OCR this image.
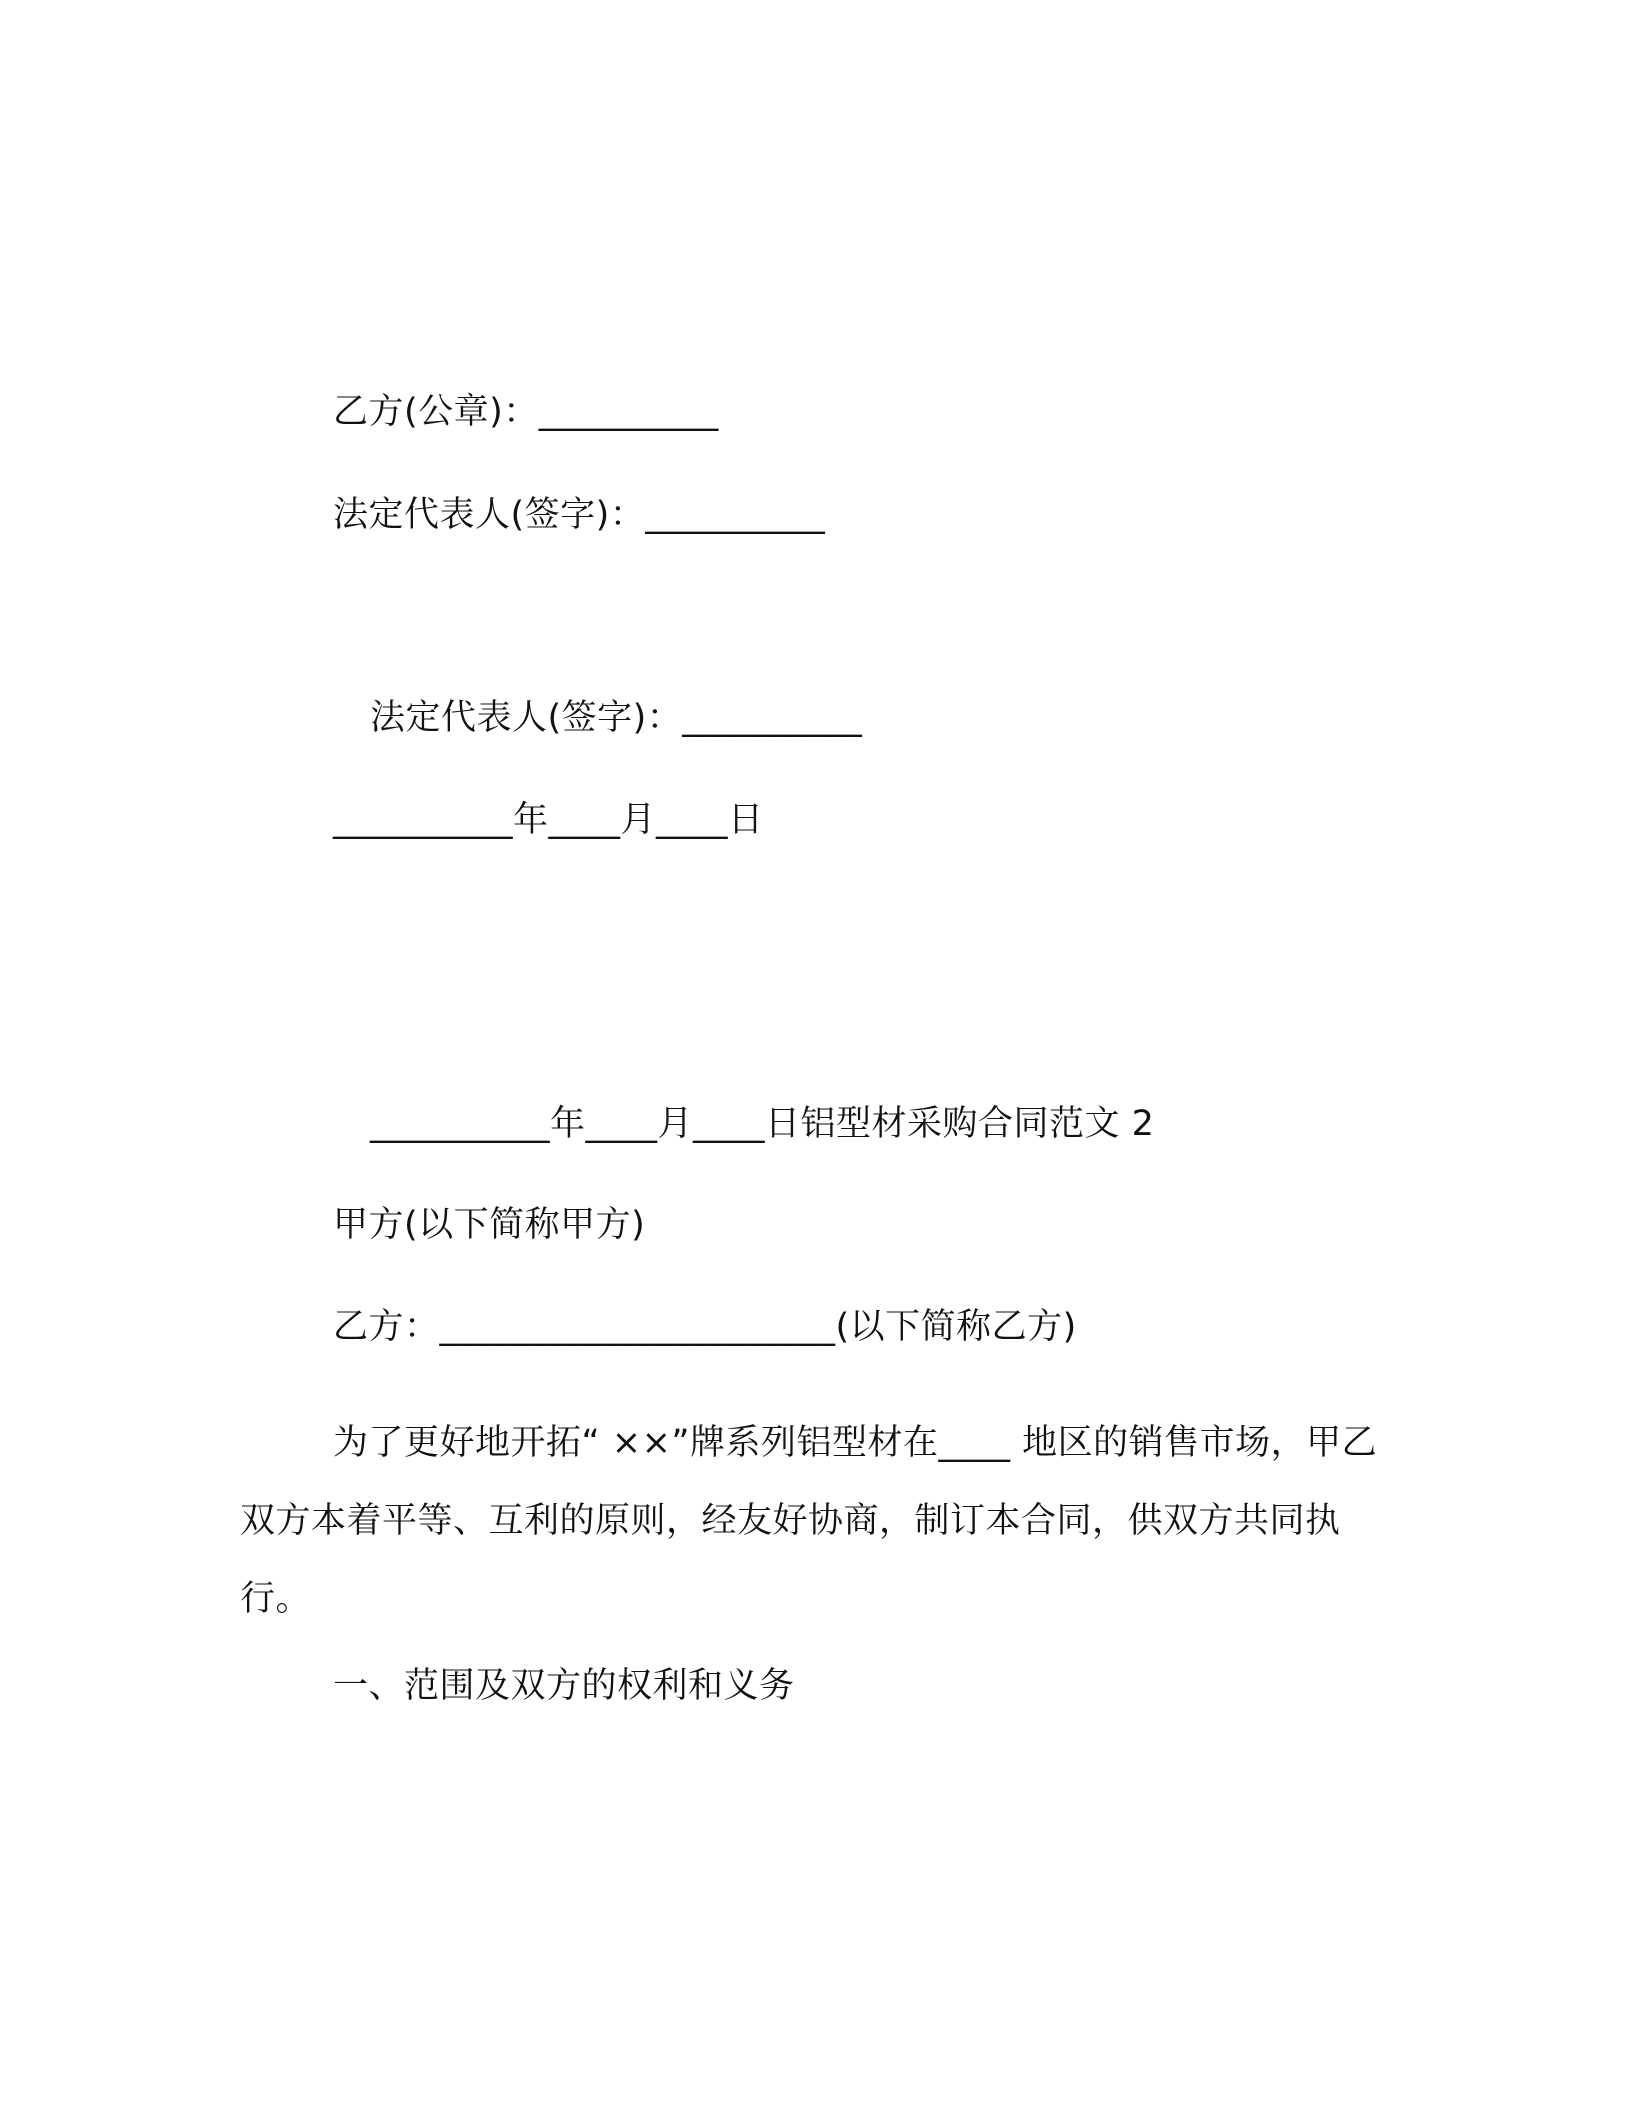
乙方(公章)：__________
法定代表人(签字)：__________
法定代表人(签字)：__________
__________年____月____日
__________年____月____日铝型材采购合同范文 2
甲方(以下简称甲方)
乙方：______________________(以下简称乙方)
为了更好地开拓“ ××”牌系列铝型材在____ 地区的销售市场，甲乙双方本着平等、互利的原则，经友好协商，制订本合同，供双方共同执行。
一、范围及双方的权利和义务
